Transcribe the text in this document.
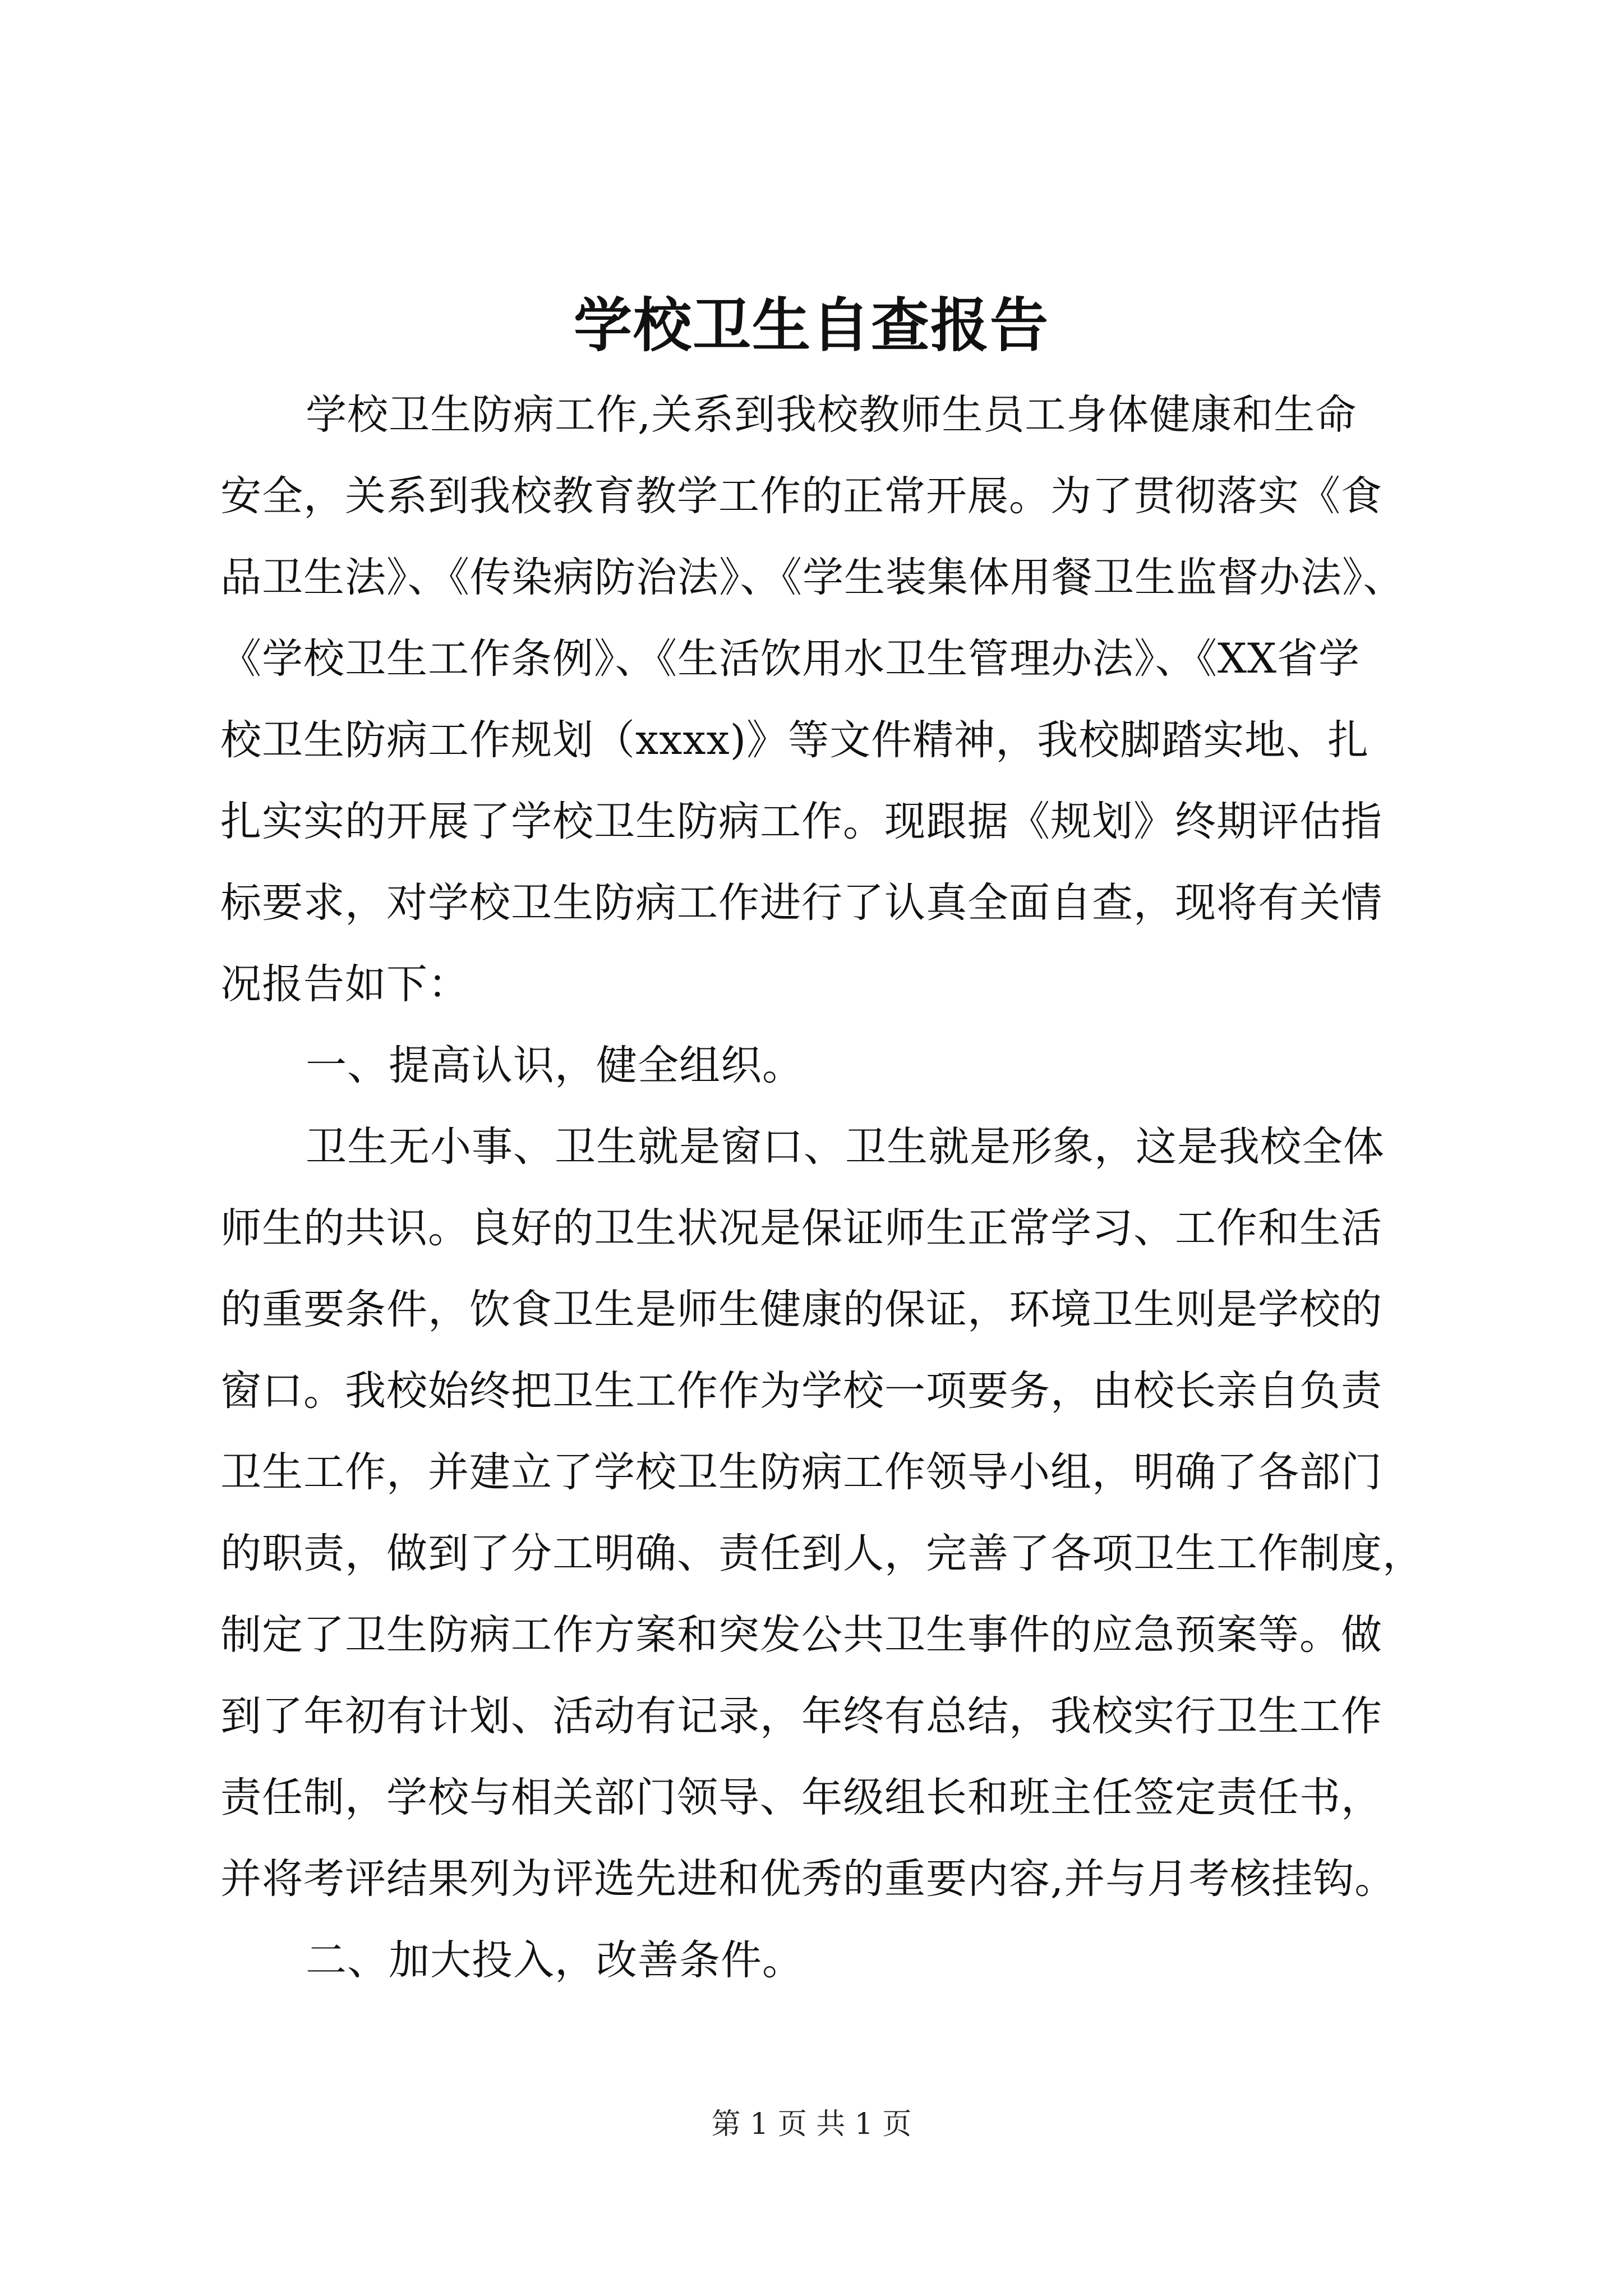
学校卫生自查报告
学校卫生防病工作,关系到我校教师生员工身体健康和生命
安全，关系到我校教育教学工作的正常开展。为了贯彻落实《食
品卫生法》、《传染病防治法》、《学生装集体用餐卫生监督办法》、
《学校卫生工作条例》、《生活饮用水卫生管理办法》、《XX省学
校卫生防病工作规划（xxxx)》等文件精神，我校脚踏实地、扎
扎实实的开展了学校卫生防病工作。现跟据《规划》终期评估指
标要求，对学校卫生防病工作进行了认真全面自查，现将有关情
况报告如下：
一、提高认识，健全组织。
卫生无小事、卫生就是窗口、卫生就是形象，这是我校全体
师生的共识。良好的卫生状况是保证师生正常学习、工作和生活
的重要条件，饮食卫生是师生健康的保证，环境卫生则是学校的
窗口。我校始终把卫生工作作为学校一项要务，由校长亲自负责
卫生工作，并建立了学校卫生防病工作领导小组，明确了各部门
的职责，做到了分工明确、责任到人，完善了各项卫生工作制度，
制定了卫生防病工作方案和突发公共卫生事件的应急预案等。做
到了年初有计划、活动有记录，年终有总结，我校实行卫生工作
责任制，学校与相关部门领导、年级组长和班主任签定责任书，
并将考评结果列为评选先进和优秀的重要内容,并与月考核挂钩。
二、加大投入，改善条件。
第 1 页 共 1 页
